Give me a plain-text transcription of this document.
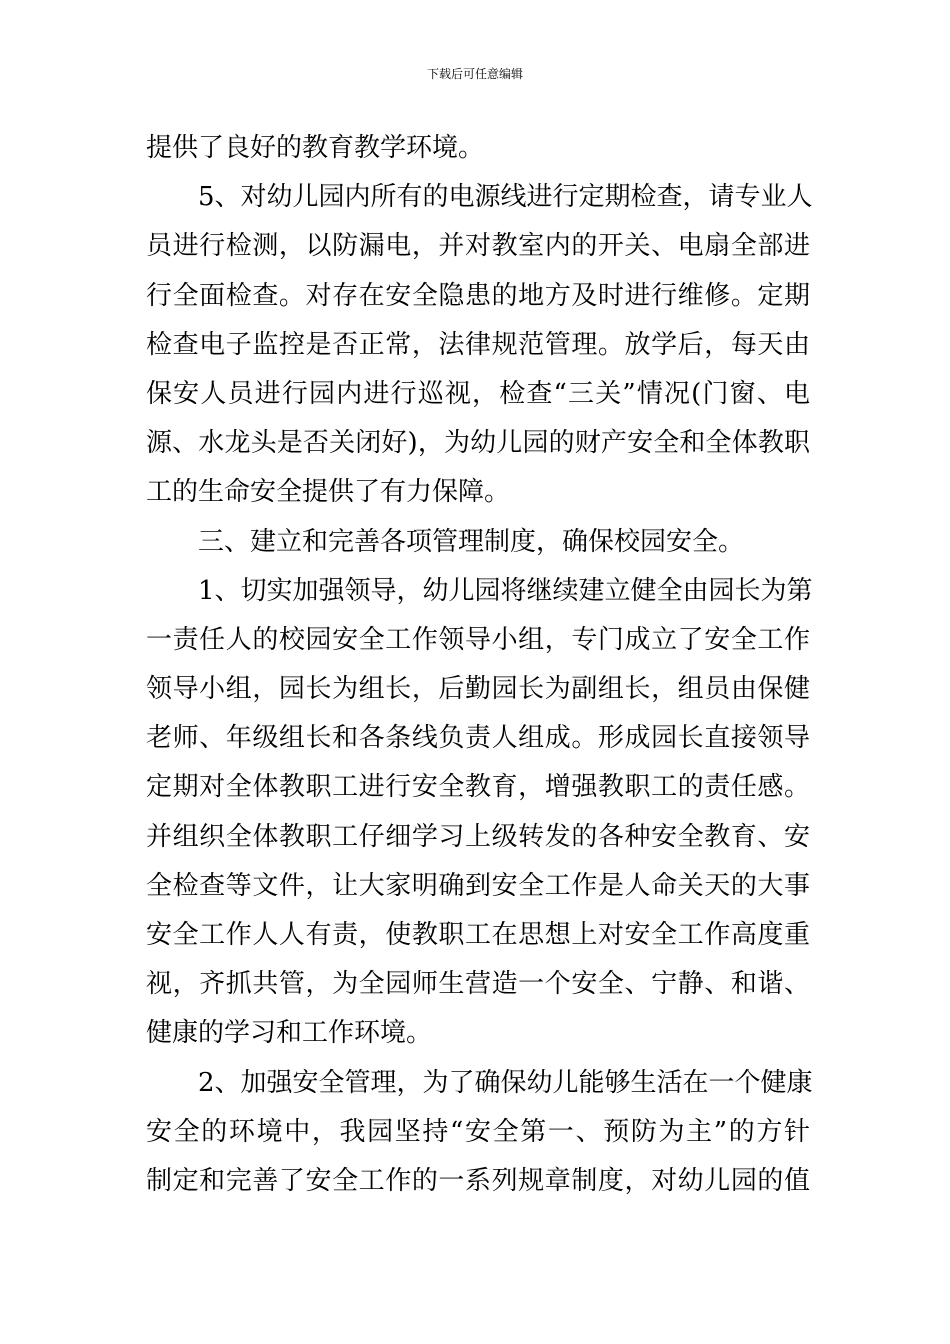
下载后可任意编辑
提供了良好的教育教学环境。
5、对幼儿园内所有的电源线进行定期检查，请专业人
员进行检测，以防漏电，并对教室内的开关、电扇全部进
行全面检查。对存在安全隐患的地方及时进行维修。定期
检查电子监控是否正常，法律规范管理。放学后，每天由
保安人员进行园内进行巡视，检查“三关”情况(门窗、电
源、水龙头是否关闭好)，为幼儿园的财产安全和全体教职
工的生命安全提供了有力保障。
三、建立和完善各项管理制度，确保校园安全。
1、切实加强领导，幼儿园将继续建立健全由园长为第
一责任人的校园安全工作领导小组，专门成立了安全工作
领导小组，园长为组长，后勤园长为副组长，组员由保健
老师、年级组长和各条线负责人组成。形成园长直接领导
定期对全体教职工进行安全教育，增强教职工的责任感。
并组织全体教职工仔细学习上级转发的各种安全教育、安
全检查等文件，让大家明确到安全工作是人命关天的大事
安全工作人人有责，使教职工在思想上对安全工作高度重
视，齐抓共管，为全园师生营造一个安全、宁静、和谐、
健康的学习和工作环境。
2、加强安全管理，为了确保幼儿能够生活在一个健康
安全的环境中，我园坚持“安全第一、预防为主”的方针
制定和完善了安全工作的一系列规章制度，对幼儿园的值
